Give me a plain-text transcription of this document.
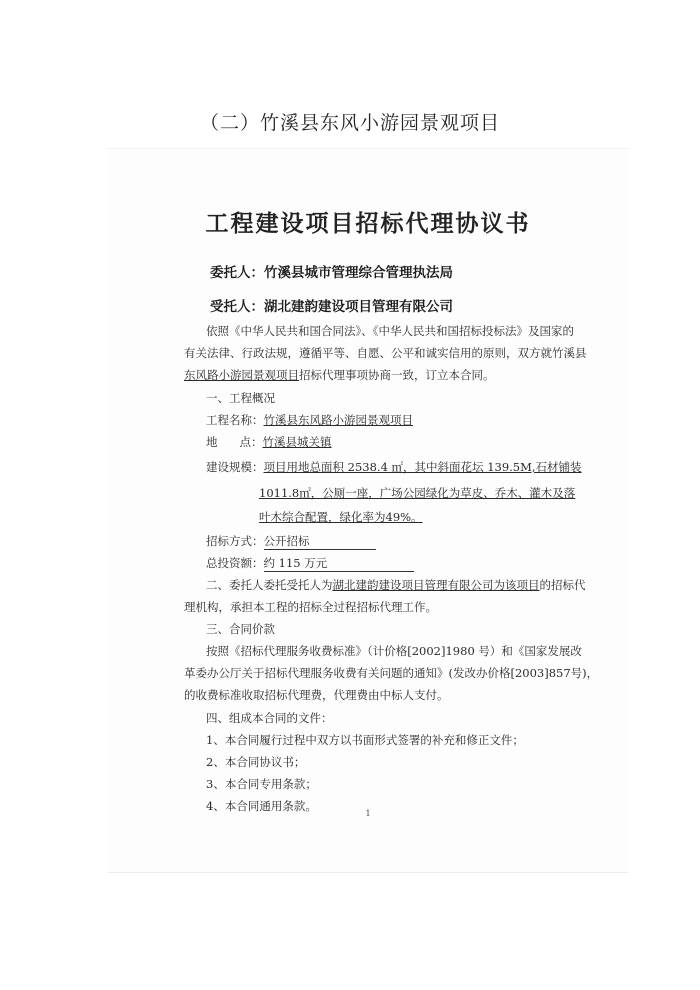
（二）竹溪县东风小游园景观项目
工程建设项目招标代理协议书
委托人：竹溪县城市管理综合管理执法局
受托人：湖北建韵建设项目管理有限公司
依照《中华人民共和国合同法》、《中华人民共和国招标投标法》及国家的
有关法律、行政法规，遵循平等、自愿、公平和诚实信用的原则，双方就竹溪县
东风路小游园景观项目招标代理事项协商一致，订立本合同。
一、工程概况
工程名称：竹溪县东风路小游园景观项目
地 点：竹溪县城关镇
建设规模：项目用地总面积 2538.4 ㎡，其中斜面花坛 139.5M,石材铺装
1011.8㎡，公厕一座，广场公园绿化为草皮、乔木、灌木及落
叶木综合配置，绿化率为49%。
招标方式：公开招标
总投资额：约 115 万元
二、委托人委托受托人为湖北建韵建设项目管理有限公司为该项目的招标代
理机构，承担本工程的招标全过程招标代理工作。
三、合同价款
按照《招标代理服务收费标准》（计价格[2002]1980 号）和《国家发展改
革委办公厅关于招标代理服务收费有关问题的通知》(发改办价格[2003]857号)，
的收费标准收取招标代理费，代理费由中标人支付。
四、组成本合同的文件：
1、本合同履行过程中双方以书面形式签署的补充和修正文件；
2、本合同协议书；
3、本合同专用条款；
4、本合同通用条款。
1
